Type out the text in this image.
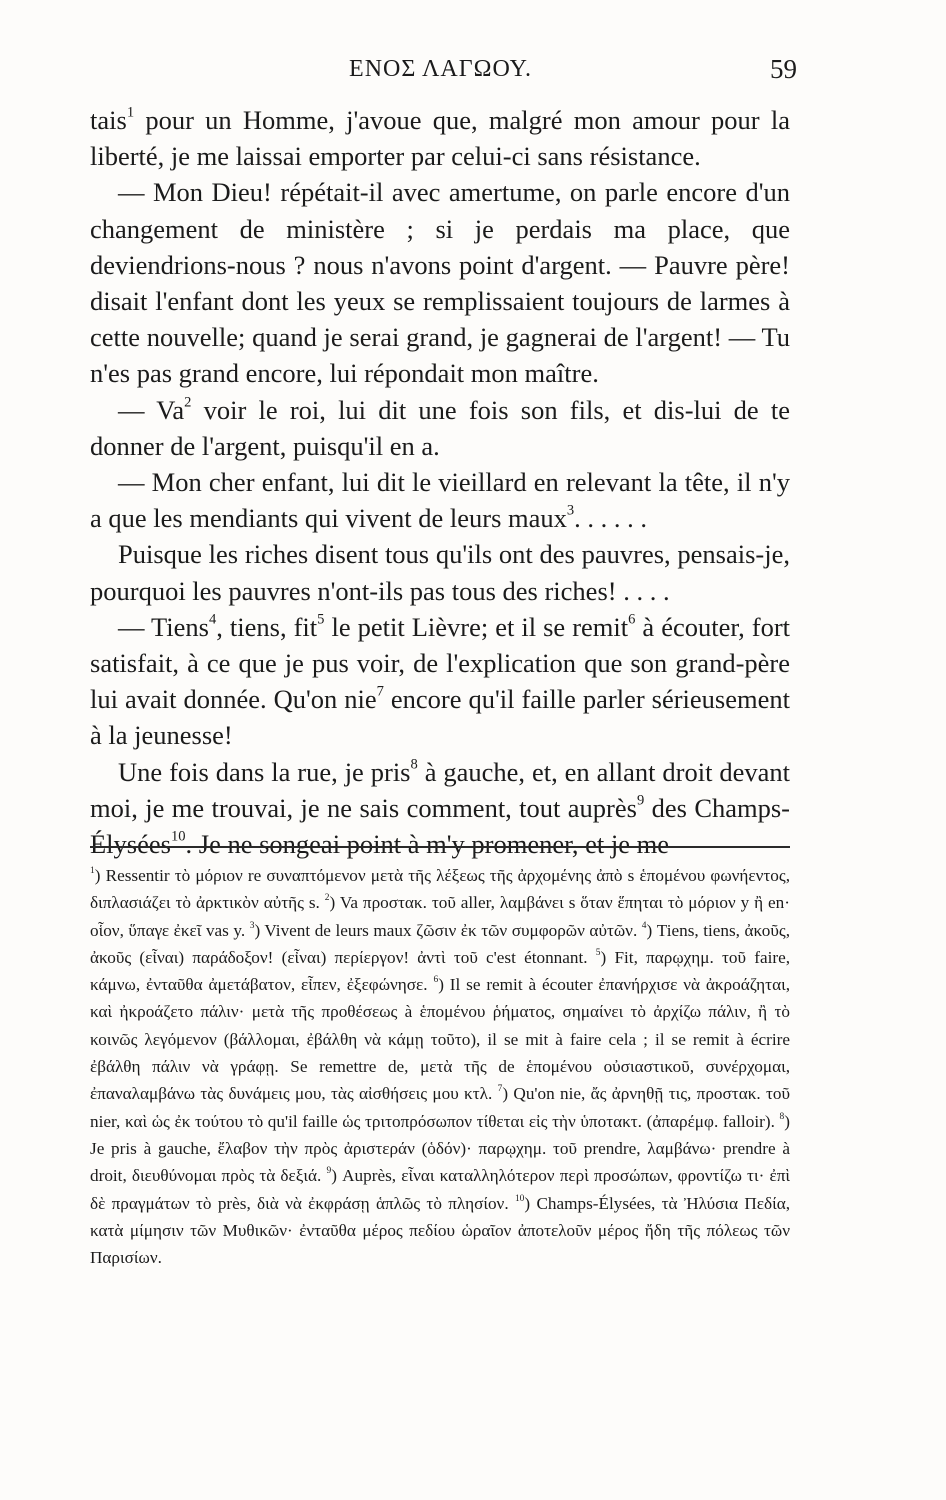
ΕΝΟΣ ΛΑΓΩΟΥ.	59

tais$^1$ pour un Homme, j'avoue que, malgré mon amour pour la liberté, je me laissai emporter par celui-ci sans résistance.

— Mon Dieu! répétait-il avec amertume, on parle encore d'un changement de ministère ; si je perdais ma place, que deviendrions-nous ? nous n'avons point d'argent. — Pauvre père! disait l'enfant dont les yeux se remplissaient toujours de larmes à cette nouvelle; quand je serai grand, je gagnerai de l'argent! — Tu n'es pas grand encore, lui répondait mon maître.

— Va$^2$ voir le roi, lui dit une fois son fils, et dis-lui de te donner de l'argent, puisqu'il en a.

— Mon cher enfant, lui dit le vieillard en relevant la tête, il n'y a que les mendiants qui vivent de leurs maux$^3$. . . . . .

Puisque les riches disent tous qu'ils ont des pauvres, pensais-je, pourquoi les pauvres n'ont-ils pas tous des riches! . . . .

— Tiens$^4$, tiens, fit$^5$ le petit Lièvre; et il se remit$^6$ à écouter, fort satisfait, à ce que je pus voir, de l'explication que son grand-père lui avait donnée. Qu'on nie$^7$ encore qu'il faille parler sérieusement à la jeunesse!

Une fois dans la rue, je pris$^8$ à gauche, et, en allant droit devant moi, je me trouvai, je ne sais comment, tout auprès$^9$ des Champs-Élysées$^{10}$. Je ne songeai point à m'y promener, et je me

$^1$) Ressentir τὸ μόριον re συναπτόμενον μετὰ τῆς λέξεως τῆς ἀρχομένης ἀπὸ s ἑπομένου φωνήεντος, διπλασιάζει τὸ ἀρκτικὸν αὐτῆς s. $^2$) Va προστακ. τοῦ aller, λαμβάνει s ὅταν ἕπηται τὸ μόριον y ἢ en· οἷον, ὕπαγε ἐκεῖ vas y. $^3$) Vivent de leurs maux ζῶσιν ἐκ τῶν συμφορῶν αὐτῶν. $^4$) Tiens, tiens, ἀκοῦς, ἀκοῦς (εἶναι) παράδοξον! (εἶναι) περίεργον! ἀντὶ τοῦ c'est étonnant. $^5$) Fit, παρῳχημ. τοῦ faire, κάμνω, ἐνταῦθα ἀμετάβατον, εἶπεν, ἐξεφώνησε. $^6$) Il se remit à écouter ἐπανήρχισε νὰ ἀκροάζηται, καὶ ἠκροάζετο πάλιν· μετὰ τῆς προθέσεως à ἑπομένου ῥήματος, σημαίνει τὸ ἀρχίζω πάλιν, ἢ τὸ κοινῶς λεγόμενον (βάλλομαι, ἐβάλθη νὰ κάμῃ τοῦτο), il se mit à faire cela ; il se remit à écrire ἐβάλθη πάλιν νὰ γράφῃ. Se remettre de, μετὰ τῆς de ἑπομένου οὐσιαστικοῦ, συνέρχομαι, ἐπαναλαμβάνω τὰς δυνάμεις μου, τὰς αἰσθήσεις μου κτλ. $^7$) Qu'on nie, ἄς ἀρνηθῇ τις, προστακ. τοῦ nier, καὶ ὡς ἐκ τούτου τὸ qu'il faille ὡς τριτοπρόσωπον τίθεται εἰς τὴν ὑποτακτ. (ἀπαρέμφ. falloir). $^8$) Je pris à gauche, ἔλαβον τὴν πρὸς ἀριστεράν (ὁδόν)· παρῳχημ. τοῦ prendre, λαμβάνω· prendre à droit, διευθύνομαι πρὸς τὰ δεξιά. $^9$) Auprès, εἶναι καταλληλότερον περὶ προσώπων, φροντίζω τι· ἐπὶ δὲ πραγμάτων τὸ près, διὰ νὰ ἐκφράσῃ ἁπλῶς τὸ πλησίον. $^{10}$) Champs-Élysées, τὰ Ἠλύσια Πεδία, κατὰ μίμησιν τῶν Μυθικῶν· ἐνταῦθα μέρος πεδίου ὡραῖον ἀποτελοῦν μέρος ἤδη τῆς πόλεως τῶν Παρισίων.
